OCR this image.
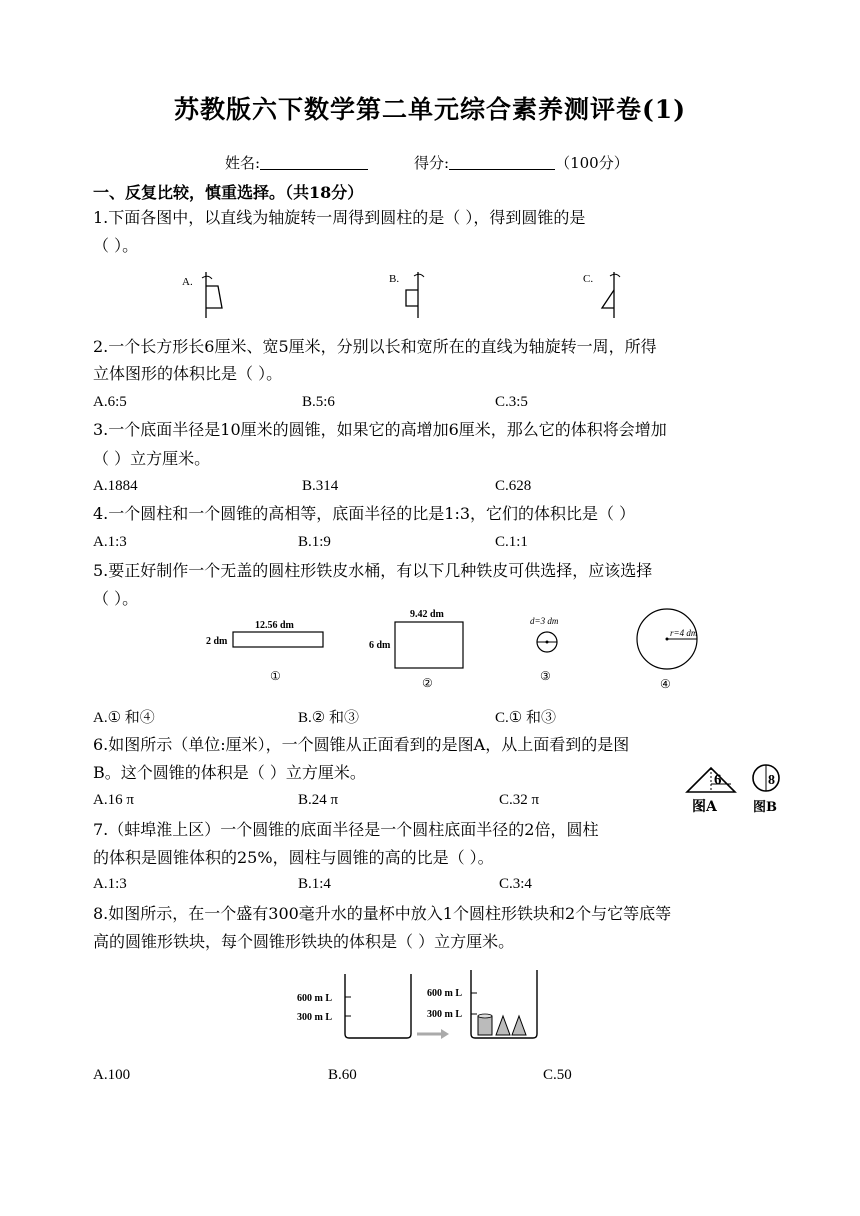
苏教版六下数学第二单元综合素养测评卷(1)
姓名:	得分:	（100分）
一、反复比较，慎重选择。（共18分）
1.下面各图中，以直线为轴旋转一周得到圆柱的是（ ），得到圆锥的是
（ ）。
A.	B.	C.
2.一个长方形长6厘米、宽5厘米，分别以长和宽所在的直线为轴旋转一周，所得
立体图形的体积比是（ ）。
A.6:5	B.5:6	C.3:5
3.一个底面半径是10厘米的圆锥，如果它的高增加6厘米，那么它的体积将会增加
（ ）立方厘米。
A.1884	B.314	C.628
4.一个圆柱和一个圆锥的高相等，底面半径的比是1:3，它们的体积比是（ ）
A.1:3	B.1:9	C.1:1
5.要正好制作一个无盖的圆柱形铁皮水桶，有以下几种铁皮可供选择，应该选择
（ ）。
12.56 dm
2 dm
①
9.42 dm
6 dm
②
d=3 dm
③
r=4 dm
④
A.① 和④	B.② 和③	C.① 和③
6.如图所示（单位:厘米），一个圆锥从正面看到的是图A，从上面看到的是图
B。这个圆锥的体积是（ ）立方厘米。
A.16 π	B.24 π	C.32 π
6
图A
8
图B
7.（蚌埠淮上区）一个圆锥的底面半径是一个圆柱底面半径的2倍，圆柱
的体积是圆锥体积的25%，圆柱与圆锥的高的比是（ ）。
A.1:3	B.1:4	C.3:4
8.如图所示，在一个盛有300毫升水的量杯中放入1个圆柱形铁块和2个与它等底等
高的圆锥形铁块，每个圆锥形铁块的体积是（ ）立方厘米。
600 m L
300 m L
600 m L
300 m L
A.100	B.60	C.50
